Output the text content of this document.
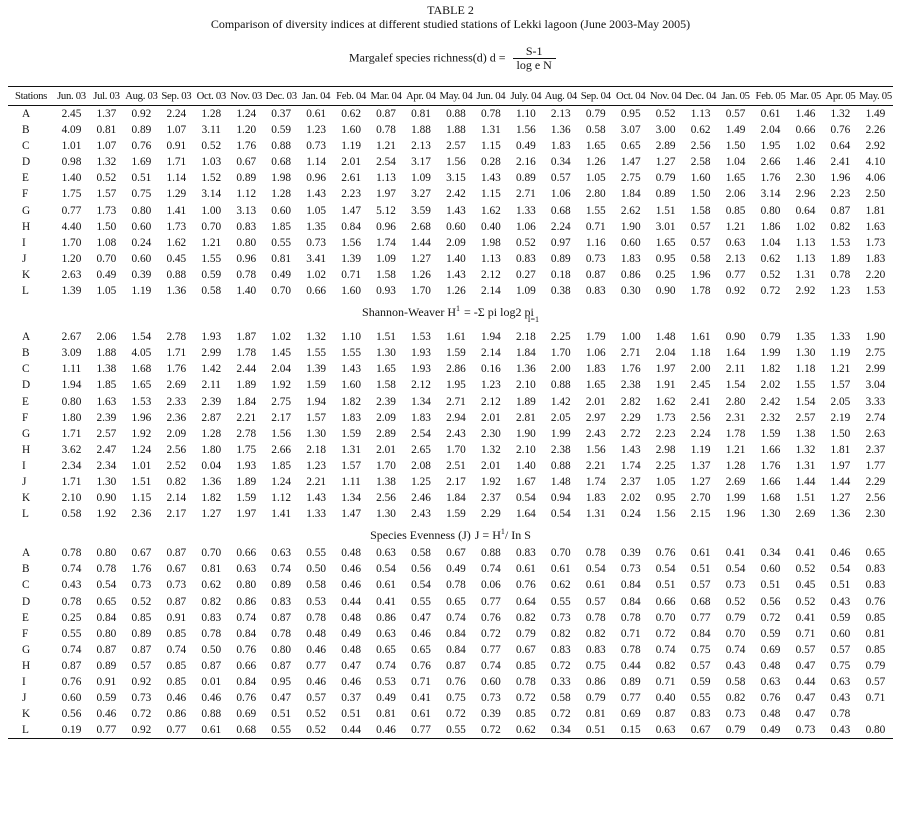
TABLE 2
Comparison of diversity indices at different studied stations of Lekki lagoon (June 2003-May 2005)
Margalef species richness(d) $d = \frac{S-1}{\text{log e N}}$
Stations	Jun. 03	Jul. 03	Aug. 03	Sep. 03	Oct. 03	Nov. 03	Dec. 03	Jan. 04	Feb. 04	Mar. 04	Apr. 04	May. 04	Jun. 04	July. 04	Aug. 04	Sep. 04	Oct. 04	Nov. 04	Dec. 04	Jan. 05	Feb. 05	Mar. 05	Apr. 05	May. 05
A	2.45	1.37	0.92	2.24	1.28	1.24	0.37	0.61	0.62	0.87	0.81	0.88	0.78	1.10	2.13	0.79	0.95	0.52	1.13	0.57	0.61	1.46	1.32	1.49
B	4.09	0.81	0.89	1.07	3.11	1.20	0.59	1.23	1.60	0.78	1.88	1.88	1.31	1.56	1.36	0.58	3.07	3.00	0.62	1.49	2.04	0.66	0.76	2.26
C	1.01	1.07	0.76	0.91	0.52	1.76	0.88	0.73	1.19	1.21	2.13	2.57	1.15	0.49	1.83	1.65	0.65	2.89	2.56	1.50	1.95	1.02	0.64	2.92
D	0.98	1.32	1.69	1.71	1.03	0.67	0.68	1.14	2.01	2.54	3.17	1.56	0.28	2.16	0.34	1.26	1.47	1.27	2.58	1.04	2.66	1.46	2.41	4.10
E	1.40	0.52	0.51	1.14	1.52	0.89	1.98	0.96	2.61	1.13	1.09	3.15	1.43	0.89	0.57	1.05	2.75	0.79	1.60	1.65	1.76	2.30	1.96	4.06
F	1.75	1.57	0.75	1.29	3.14	1.12	1.28	1.43	2.23	1.97	3.27	2.42	1.15	2.71	1.06	2.80	1.84	0.89	1.50	2.06	3.14	2.96	2.23	2.50
G	0.77	1.73	0.80	1.41	1.00	3.13	0.60	1.05	1.47	5.12	3.59	1.43	1.62	1.33	0.68	1.55	2.62	1.51	1.58	0.85	0.80	0.64	0.87	1.81
H	4.40	1.50	0.60	1.73	0.70	0.83	1.85	1.35	0.84	0.96	2.68	0.60	0.40	1.06	2.24	0.71	1.90	3.01	0.57	1.21	1.86	1.02	0.82	1.63
I	1.70	1.08	0.24	1.62	1.21	0.80	0.55	0.73	1.56	1.74	1.44	2.09	1.98	0.52	0.97	1.16	0.60	1.65	0.57	0.63	1.04	1.13	1.53	1.73
J	1.20	0.70	0.60	0.45	1.55	0.96	0.81	3.41	1.39	1.09	1.27	1.40	1.13	0.83	0.89	0.73	1.83	0.95	0.58	2.13	0.62	1.13	1.89	1.83
K	2.63	0.49	0.39	0.88	0.59	0.78	0.49	1.02	0.71	1.58	1.26	1.43	2.12	0.27	0.18	0.87	0.86	0.25	1.96	0.77	0.52	1.31	0.78	2.20
L	1.39	1.05	1.19	1.36	0.58	1.40	0.70	0.66	1.60	0.93	1.70	1.26	2.14	1.09	0.38	0.83	0.30	0.90	1.78	0.92	0.72	2.92	1.23	1.53
Shannon-Weaver $H^1 = -\Sigma$ pi log2 $pi_{I=1}$
A	2.67	2.06	1.54	2.78	1.93	1.87	1.02	1.32	1.10	1.51	1.53	1.61	1.94	2.18	2.25	1.79	1.00	1.48	1.61	0.90	0.79	1.35	1.33	1.90
B	3.09	1.88	4.05	1.71	2.99	1.78	1.45	1.55	1.55	1.30	1.93	1.59	2.14	1.84	1.70	1.06	2.71	2.04	1.18	1.64	1.99	1.30	1.19	2.75
C	1.11	1.38	1.68	1.76	1.42	2.44	2.04	1.39	1.43	1.65	1.93	2.86	0.16	1.36	2.00	1.83	1.76	1.97	2.00	2.11	1.82	1.18	1.21	2.99
D	1.94	1.85	1.65	2.69	2.11	1.89	1.92	1.59	1.60	1.58	2.12	1.95	1.23	2.10	0.88	1.65	2.38	1.91	2.45	1.54	2.02	1.55	1.57	3.04
E	0.80	1.63	1.53	2.33	2.39	1.84	2.75	1.94	1.82	2.39	1.34	2.71	2.12	1.89	1.42	2.01	2.82	1.62	2.41	2.80	2.42	1.54	2.05	3.33
F	1.80	2.39	1.96	2.36	2.87	2.21	2.17	1.57	1.83	2.09	1.83	2.94	2.01	2.81	2.05	2.97	2.29	1.73	2.56	2.31	2.32	2.57	2.19	2.74
G	1.71	2.57	1.92	2.09	1.28	2.78	1.56	1.30	1.59	2.89	2.54	2.43	2.30	1.90	1.99	2.43	2.72	2.23	2.24	1.78	1.59	1.38	1.50	2.63
H	3.62	2.47	1.24	2.56	1.80	1.75	2.66	2.18	1.31	2.01	2.65	1.70	1.32	2.10	2.38	1.56	1.43	2.98	1.19	1.21	1.66	1.32	1.81	2.37
I	2.34	2.34	1.01	2.52	0.04	1.93	1.85	1.23	1.57	1.70	2.08	2.51	2.01	1.40	0.88	2.21	1.74	2.25	1.37	1.28	1.76	1.31	1.97	1.77
J	1.71	1.30	1.51	0.82	1.36	1.89	1.24	2.21	1.11	1.38	1.25	2.17	1.92	1.67	1.48	1.74	2.37	1.05	1.27	2.69	1.66	1.44	1.44	2.29
K	2.10	0.90	1.15	2.14	1.82	1.59	1.12	1.43	1.34	2.56	2.46	1.84	2.37	0.54	0.94	1.83	2.02	0.95	2.70	1.99	1.68	1.51	1.27	2.56
L	0.58	1.92	2.36	2.17	1.27	1.97	1.41	1.33	1.47	1.30	2.43	1.59	2.29	1.64	0.54	1.31	0.24	1.56	2.15	1.96	1.30	2.69	1.36	2.30
Species Evenness (J) $J = H^1/$ In S																								
A	0.78	0.80	0.67	0.87	0.70	0.66	0.63	0.55	0.48	0.63	0.58	0.67	0.88	0.83	0.70	0.78	0.39	0.76	0.61	0.41	0.34	0.41	0.46	0.65
B	0.74	0.78	1.76	0.67	0.81	0.63	0.74	0.50	0.46	0.54	0.56	0.49	0.74	0.61	0.61	0.54	0.73	0.54	0.51	0.54	0.60	0.52	0.54	0.83
C	0.43	0.54	0.73	0.73	0.62	0.80	0.89	0.58	0.46	0.61	0.54	0.78	0.06	0.76	0.62	0.61	0.84	0.51	0.57	0.73	0.51	0.45	0.51	0.83
D	0.78	0.65	0.52	0.87	0.82	0.86	0.83	0.53	0.44	0.41	0.55	0.65	0.77	0.64	0.55	0.57	0.84	0.66	0.68	0.52	0.56	0.52	0.43	0.76
E	0.25	0.84	0.85	0.91	0.83	0.74	0.87	0.78	0.48	0.86	0.47	0.74	0.76	0.82	0.73	0.78	0.78	0.70	0.77	0.79	0.72	0.41	0.59	0.85
F	0.55	0.80	0.89	0.85	0.78	0.84	0.78	0.48	0.49	0.63	0.46	0.84	0.72	0.79	0.82	0.82	0.71	0.72	0.84	0.70	0.59	0.71	0.60	0.81
G	0.74	0.87	0.87	0.74	0.50	0.76	0.80	0.46	0.48	0.65	0.65	0.84	0.77	0.67	0.83	0.83	0.78	0.74	0.75	0.74	0.69	0.57	0.57	0.85
H	0.87	0.89	0.57	0.85	0.87	0.66	0.87	0.77	0.47	0.74	0.76	0.87	0.74	0.85	0.72	0.75	0.44	0.82	0.57	0.43	0.48	0.47	0.75	0.79
I	0.76	0.91	0.92	0.85	0.01	0.84	0.95	0.46	0.46	0.53	0.71	0.76	0.60	0.78	0.33	0.86	0.89	0.71	0.59	0.58	0.63	0.44	0.63	0.57
J	0.60	0.59	0.73	0.46	0.46	0.76	0.47	0.57	0.37	0.49	0.41	0.75	0.73	0.72	0.58	0.79	0.77	0.40	0.55	0.82	0.76	0.47	0.43	0.71
K	0.56	0.46	0.72	0.86	0.88	0.69	0.51	0.52	0.51	0.81	0.61	0.72	0.39	0.85	0.72	0.81	0.69	0.87	0.83	0.73	0.48	0.47	0.78	
L	0.19	0.77	0.92	0.77	0.61	0.68	0.55	0.52	0.44	0.46	0.77	0.55	0.72	0.62	0.34	0.51	0.15	0.63	0.67	0.79	0.49	0.73	0.43	0.80
